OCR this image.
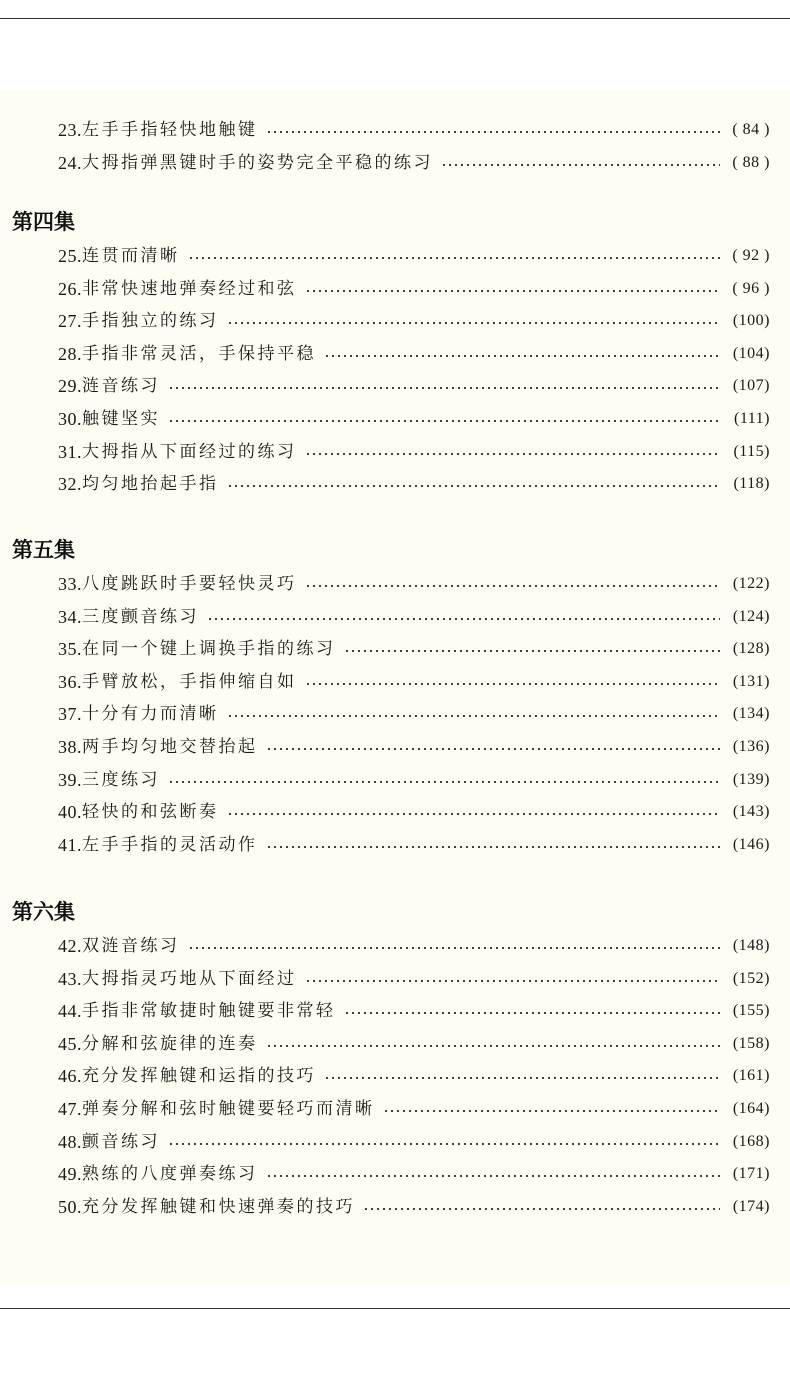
23. 左手手指轻快地触键	( 84 )
24. 大拇指弹黑键时手的姿势完全平稳的练习	( 88 )
第四集
25. 连贯而清晰	( 92 )
26. 非常快速地弹奏经过和弦	( 96 )
27. 手指独立的练习	(100)
28. 手指非常灵活，手保持平稳	(104)
29. 涟音练习	(107)
30. 触键坚实	(111)
31. 大拇指从下面经过的练习	(115)
32. 均匀地抬起手指	(118)
第五集
33. 八度跳跃时手要轻快灵巧	(122)
34. 三度颤音练习	(124)
35. 在同一个键上调换手指的练习	(128)
36. 手臂放松，手指伸缩自如	(131)
37. 十分有力而清晰	(134)
38. 两手均匀地交替抬起	(136)
39. 三度练习	(139)
40. 轻快的和弦断奏	(143)
41. 左手手指的灵活动作	(146)
第六集
42. 双涟音练习	(148)
43. 大拇指灵巧地从下面经过	(152)
44. 手指非常敏捷时触键要非常轻	(155)
45. 分解和弦旋律的连奏	(158)
46. 充分发挥触键和运指的技巧	(161)
47. 弹奏分解和弦时触键要轻巧而清晰	(164)
48. 颤音练习	(168)
49. 熟练的八度弹奏练习	(171)
50. 充分发挥触键和快速弹奏的技巧	(174)
